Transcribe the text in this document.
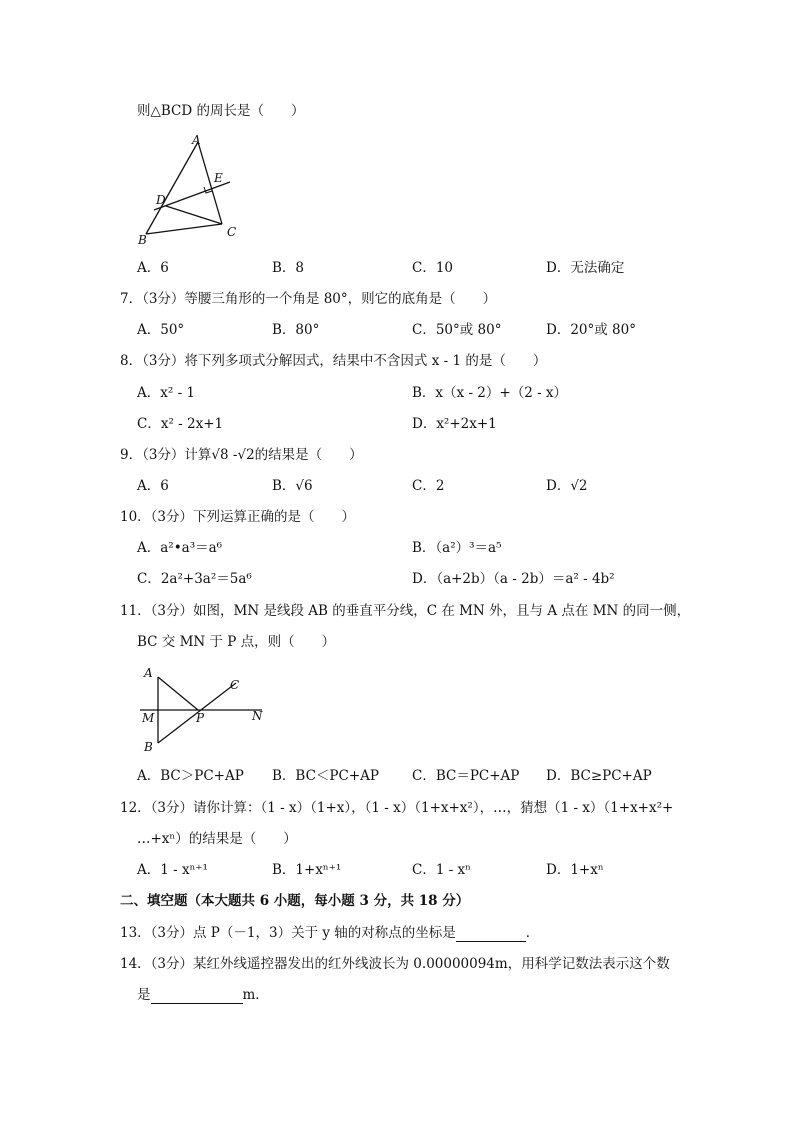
则△BCD 的周长是（　　）
A
E
D
B
C
A．6	B．8	C．10	D．无法确定
7．（3分）等腰三角形的一个角是 80°，则它的底角是（　　）
A．50°	B．80°	C．50°或 80°	D．20°或 80°
8．（3分）将下列多项式分解因式，结果中不含因式 x - 1 的是（　　）
A．x² - 1	B．x（x - 2）+（2 - x）
C．x² - 2x+1	D．x²+2x+1
9．（3分）计算√8 -√2的结果是（　　）
A．6	B．√6	C．2	D．√2
10．（3分）下列运算正确的是（　　）
A．a²•a³＝a⁶	B．（a²）³＝a⁵
C．2a²+3a²＝5a⁶	D．（a+2b）（a - 2b）＝a² - 4b²
11．（3分）如图，MN 是线段 AB 的垂直平分线，C 在 MN 外，且与 A 点在 MN 的同一侧，
BC 交 MN 于 P 点，则（　　）
A
M	P	N
C
B
A．BC＞PC+AP B．BC＜PC+AP C．BC＝PC+AP D．BC≥PC+AP
12．（3分）请你计算：（1 - x）（1+x），（1 - x）（1+x+x²），…，猜想（1 - x）（1+x+x²+
…+xⁿ）的结果是（　　）
A．1 - xⁿ⁺¹	B．1+xⁿ⁺¹	C．1 - xⁿ	D．1+xⁿ
二、填空题（本大题共 6 小题，每小题 3 分，共 18 分）
13．（3分）点 P（－1，3）关于 y 轴的对称点的坐标是	．
14．（3分）某红外线遥控器发出的红外线波长为 0.00000094m，用科学记数法表示这个数
是	m．
